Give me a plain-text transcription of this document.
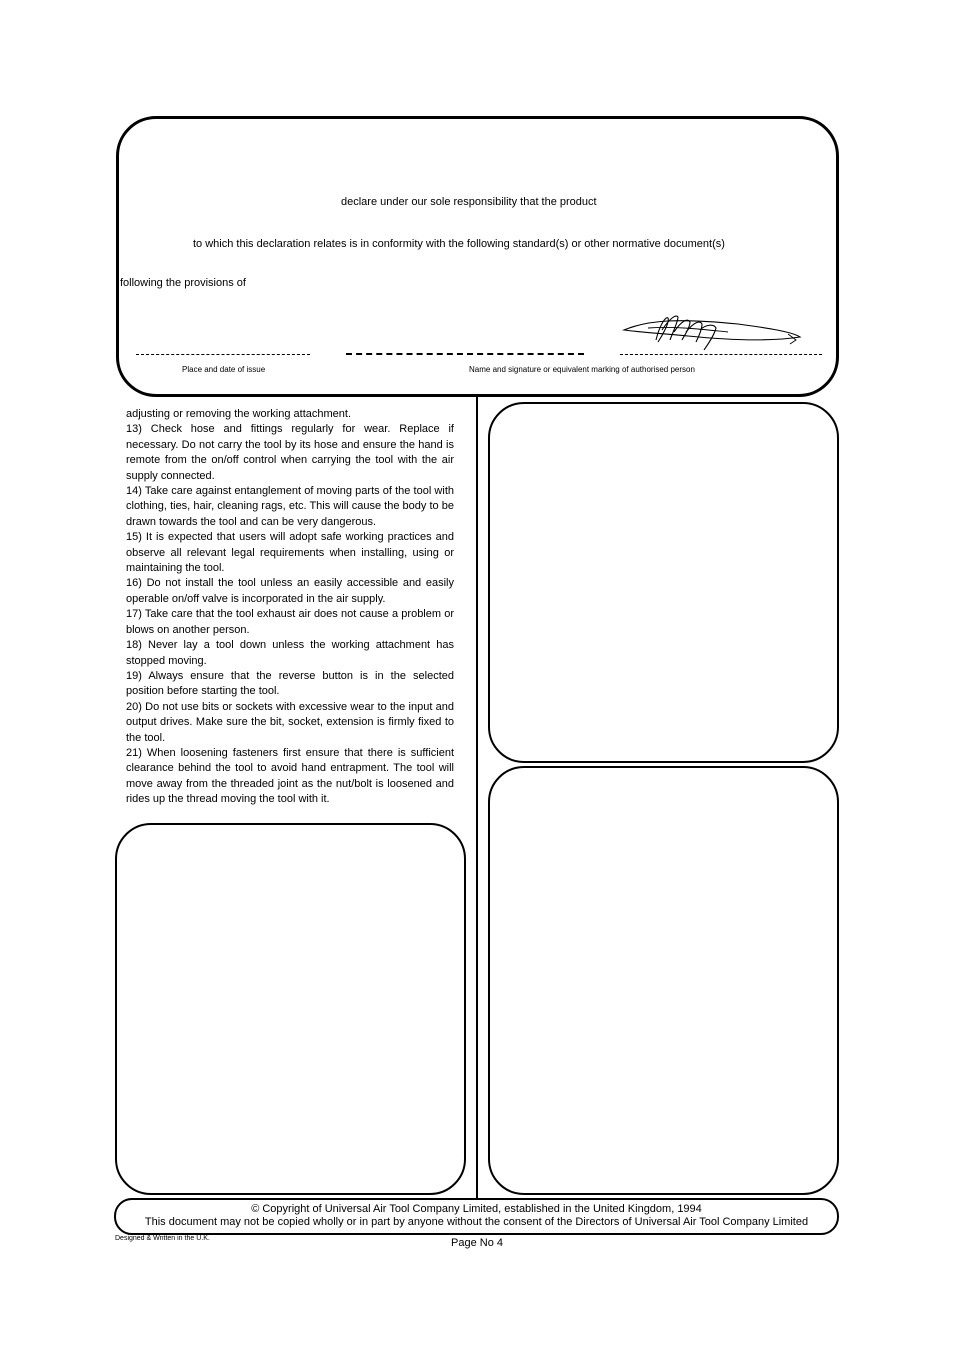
declare under our sole responsibility that the product
to which this declaration relates is in conformity with the following standard(s) or other normative document(s)
following the provisions of
Place and date of issue	Name and signature or equivalent marking of authorised person

adjusting or removing the working attachment.

13) Check hose and fittings regularly for wear. Replace if necessary. Do not carry the tool by its hose and ensure the hand is remote from the on/off control when carrying the tool with the air supply connected.

14) Take care against entanglement of moving parts of the tool with clothing, ties, hair, cleaning rags, etc. This will cause the body to be drawn towards the tool and can be very dangerous.

15) It is expected that users will adopt safe working practices and observe all relevant legal requirements when installing, using or maintaining the tool.

16) Do not install the tool unless an easily accessible and easily operable on/off valve is incorporated in the air supply.

17) Take care that the tool exhaust air does not cause a problem or blows on another person.

18) Never lay a tool down unless the working attachment has stopped moving.

19) Always ensure that the reverse button is in the selected position before starting the tool.

20) Do not use bits or sockets with excessive wear to the input and output drives. Make sure the bit, socket, extension is firmly fixed to the tool.

21) When loosening fasteners first ensure that there is sufficient clearance behind the tool to avoid hand entrapment. The tool will move away from the threaded joint as the nut/bolt is loosened and rides up the thread moving the tool with it.

© Copyright of Universal Air Tool Company Limited, established in the United Kingdom, 1994
This document may not be copied wholly or in part by anyone without the consent of the Directors of Universal Air Tool Company Limited
Designed & Written in the U.K.	Page No 4
